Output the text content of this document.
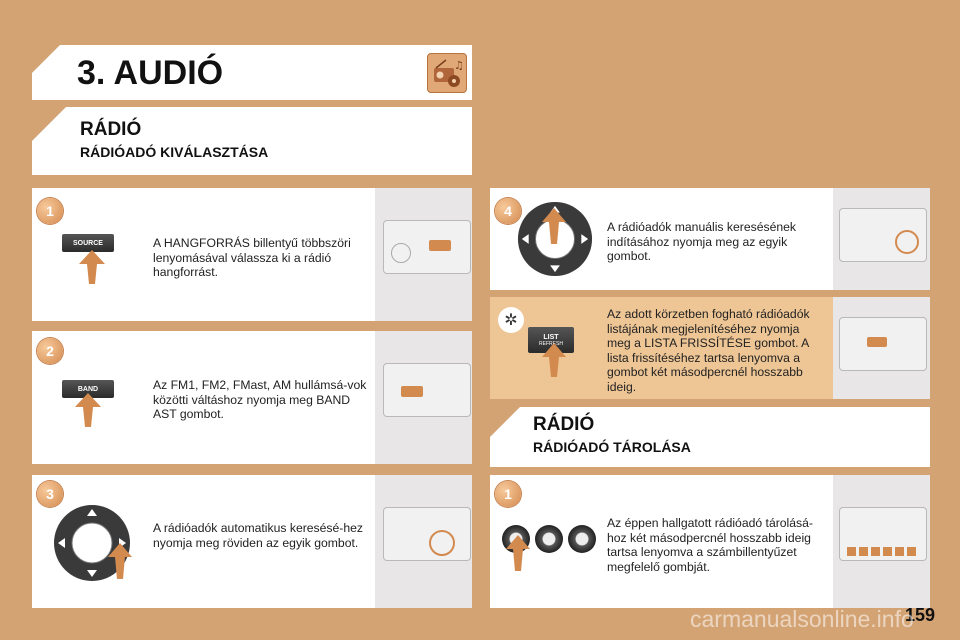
3. AUDIÓ	♫
RÁDIÓ
RÁDIÓADÓ KIVÁLASZTÁSA
1
SOURCE	A HANGFORRÁS billentyű többszöri lenyomásával válassza ki a rádió hangforrást.
2
BAND	Az FM1, FM2, FMast, AM hullámsá-vok közötti váltáshoz nyomja meg BAND AST gombot.
3
A rádióadók automatikus keresésé-hez nyomja meg röviden az egyik gombot.
4
A rádióadók manuális keresésének indításához nyomja meg az egyik gombot.
✲
LIST
REFRESH
Az adott körzetben fogható rádióadók listájának megjelenítéséhez nyomja meg a LISTA FRISSÍTÉSE gombot. A lista frissítéséhez tartsa lenyomva a gombot két másodpercnél hosszabb ideig.
RÁDIÓ
RÁDIÓADÓ TÁROLÁSA
1
Az éppen hallgatott rádióadó tárolásá-hoz két másodpercnél hosszabb ideig tartsa lenyomva a számbillentyűzet megfelelő gombját.
159
carmanualsonline.info
